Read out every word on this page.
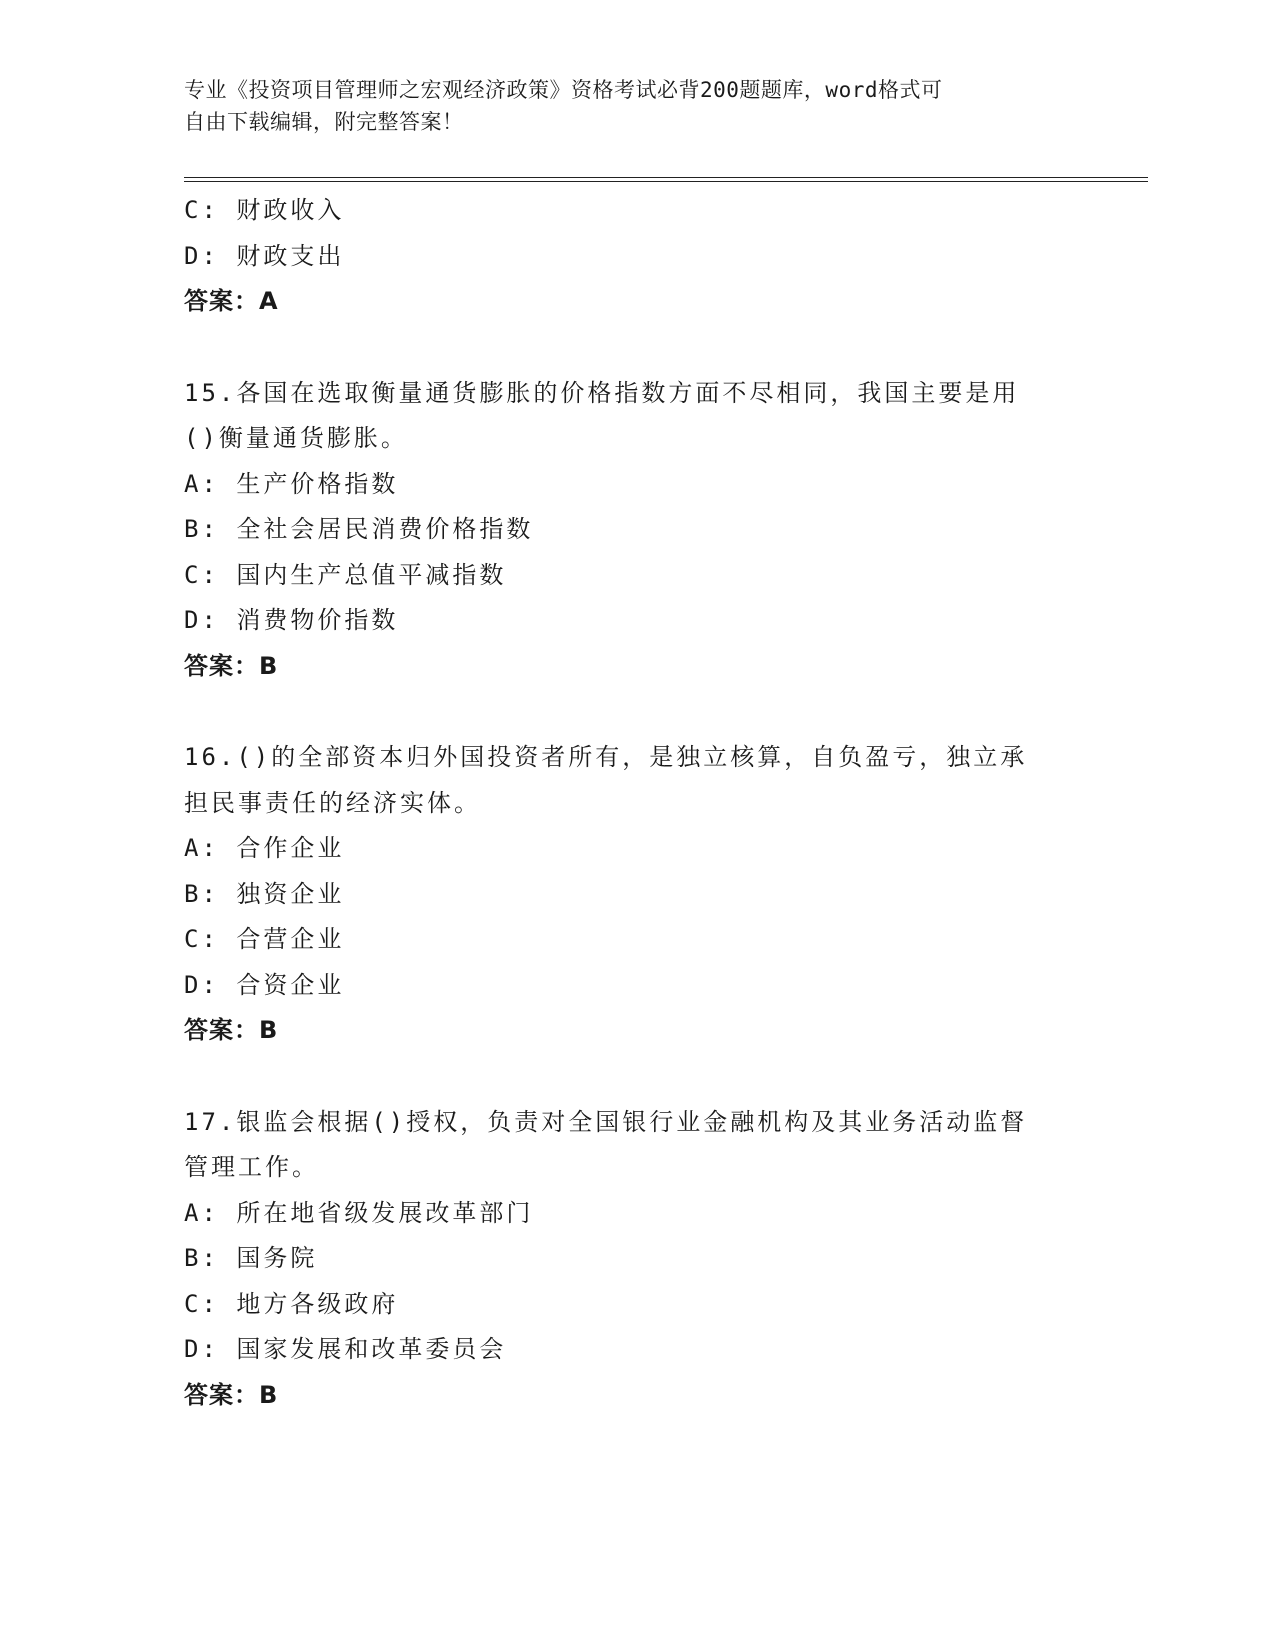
专业《投资项目管理师之宏观经济政策》资格考试必背200题题库，word格式可

自由下载编辑，附完整答案！

C: 财政收入
D: 财政支出
答案：A
15.各国在选取衡量通货膨胀的价格指数方面不尽相同，我国主要是用
()衡量通货膨胀。
A: 生产价格指数
B: 全社会居民消费价格指数
C: 国内生产总值平减指数
D: 消费物价指数
答案：B
16.()的全部资本归外国投资者所有，是独立核算，自负盈亏，独立承
担民事责任的经济实体。
A: 合作企业
B: 独资企业
C: 合营企业
D: 合资企业
答案：B
17.银监会根据()授权，负责对全国银行业金融机构及其业务活动监督
管理工作。
A: 所在地省级发展改革部门
B: 国务院
C: 地方各级政府
D: 国家发展和改革委员会
答案：B
